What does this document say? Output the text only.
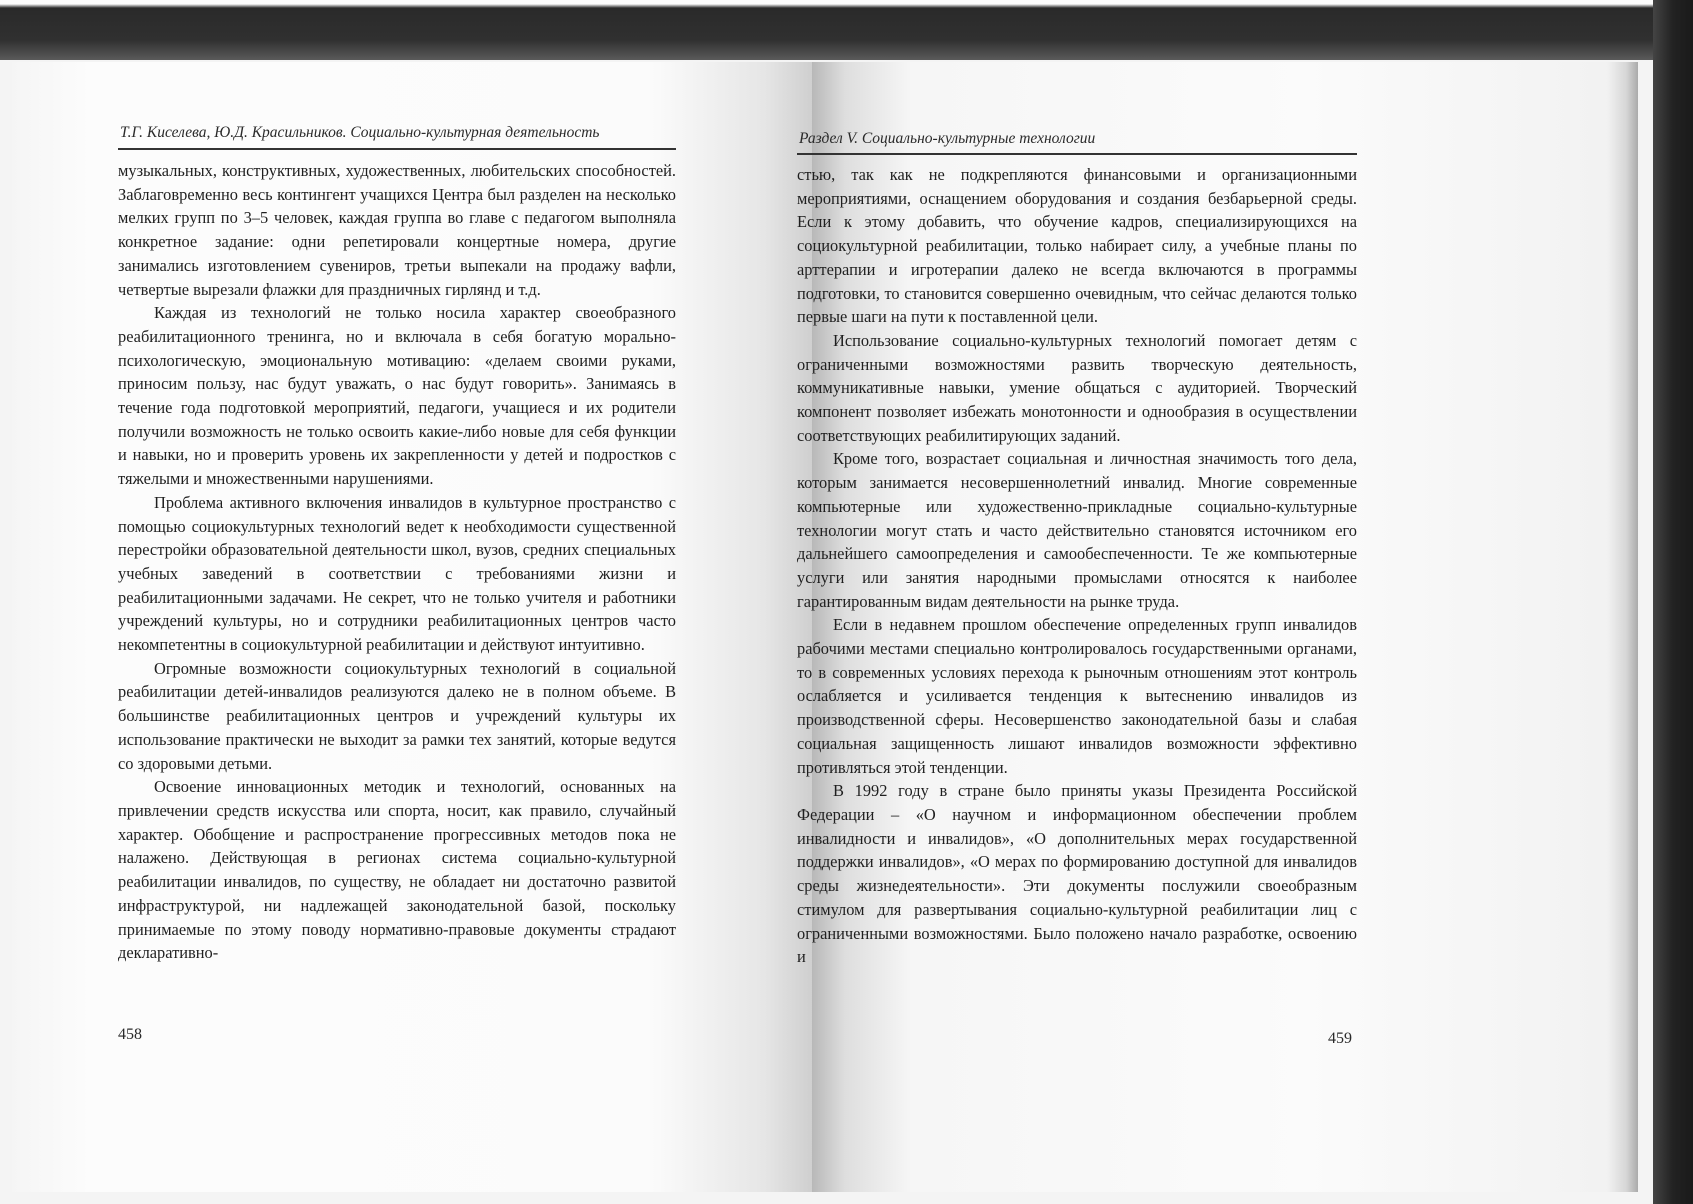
Т.Г. Киселева, Ю.Д. Красильников. Социально-культурная деятельность

музыкальных, конструктивных, художественных, любительских способностей. Заблаговременно весь контингент учащихся Центра был разделен на несколько мелких групп по 3–5 человек, каждая группа во главе с педагогом выполняла конкретное задание: одни репетировали концертные номера, другие занимались изготовлением сувениров, третьи выпекали на продажу вафли, четвертые вырезали флажки для праздничных гирлянд и т.д.

Каждая из технологий не только носила характер своеобразного реабилитационного тренинга, но и включала в себя богатую морально-психологическую, эмоциональную мотивацию: «делаем своими руками, приносим пользу, нас будут уважать, о нас будут говорить». Занимаясь в течение года подготовкой мероприятий, педагоги, учащиеся и их родители получили возможность не только освоить какие-либо новые для себя функции и навыки, но и проверить уровень их закрепленности у детей и подростков с тяжелыми и множественными нарушениями.

Проблема активного включения инвалидов в культурное пространство с помощью социокультурных технологий ведет к необходимости существенной перестройки образовательной деятельности школ, вузов, средних специальных учебных заведений в соответствии с требованиями жизни и реабилитационными задачами. Не секрет, что не только учителя и работники учреждений культуры, но и сотрудники реабилитационных центров часто некомпетентны в социокультурной реабилитации и действуют интуитивно.

Огромные возможности социокультурных технологий в социальной реабилитации детей-инвалидов реализуются далеко не в полном объеме. В большинстве реабилитационных центров и учреждений культуры их использование практически не выходит за рамки тех занятий, которые ведутся со здоровыми детьми.

Освоение инновационных методик и технологий, основанных на привлечении средств искусства или спорта, носит, как правило, случайный характер. Обобщение и распространение прогрессивных методов пока не налажено. Действующая в регионах система социально-культурной реабилитации инвалидов, по существу, не обладает ни достаточно развитой инфраструктурой, ни надлежащей законодательной базой, поскольку принимаемые по этому поводу нормативно-правовые документы страдают декларативно-

458
Раздел V. Социально-культурные технологии

стью, так как не подкрепляются финансовыми и организационными мероприятиями, оснащением оборудования и создания безбарьерной среды. Если к этому добавить, что обучение кадров, специализирующихся на социокультурной реабилитации, только набирает силу, а учебные планы по арттерапии и игротерапии далеко не всегда включаются в программы подготовки, то становится совершенно очевидным, что сейчас делаются только первые шаги на пути к поставленной цели.

Использование социально-культурных технологий помогает детям с ограниченными возможностями развить творческую деятельность, коммуникативные навыки, умение общаться с аудиторией. Творческий компонент позволяет избежать монотонности и однообразия в осуществлении соответствующих реабилитирующих заданий.

Кроме того, возрастает социальная и личностная значимость того дела, которым занимается несовершеннолетний инвалид. Многие современные компьютерные или художественно-прикладные социально-культурные технологии могут стать и часто действительно становятся источником его дальнейшего самоопределения и самообеспеченности. Те же компьютерные услуги или занятия народными промыслами относятся к наиболее гарантированным видам деятельности на рынке труда.

Если в недавнем прошлом обеспечение определенных групп инвалидов рабочими местами специально контролировалось государственными органами, то в современных условиях перехода к рыночным отношениям этот контроль ослабляется и усиливается тенденция к вытеснению инвалидов из производственной сферы. Несовершенство законодательной базы и слабая социальная защищенность лишают инвалидов возможности эффективно противляться этой тенденции.

В 1992 году в стране было приняты указы Президента Российской Федерации – «О научном и информационном обеспечении проблем инвалидности и инвалидов», «О дополнительных мерах государственной поддержки инвалидов», «О мерах по формированию доступной для инвалидов среды жизнедеятельности». Эти документы послужили своеобразным стимулом для развертывания социально-культурной реабилитации лиц с ограниченными возможностями. Было положено начало разработке, освоению и

459
